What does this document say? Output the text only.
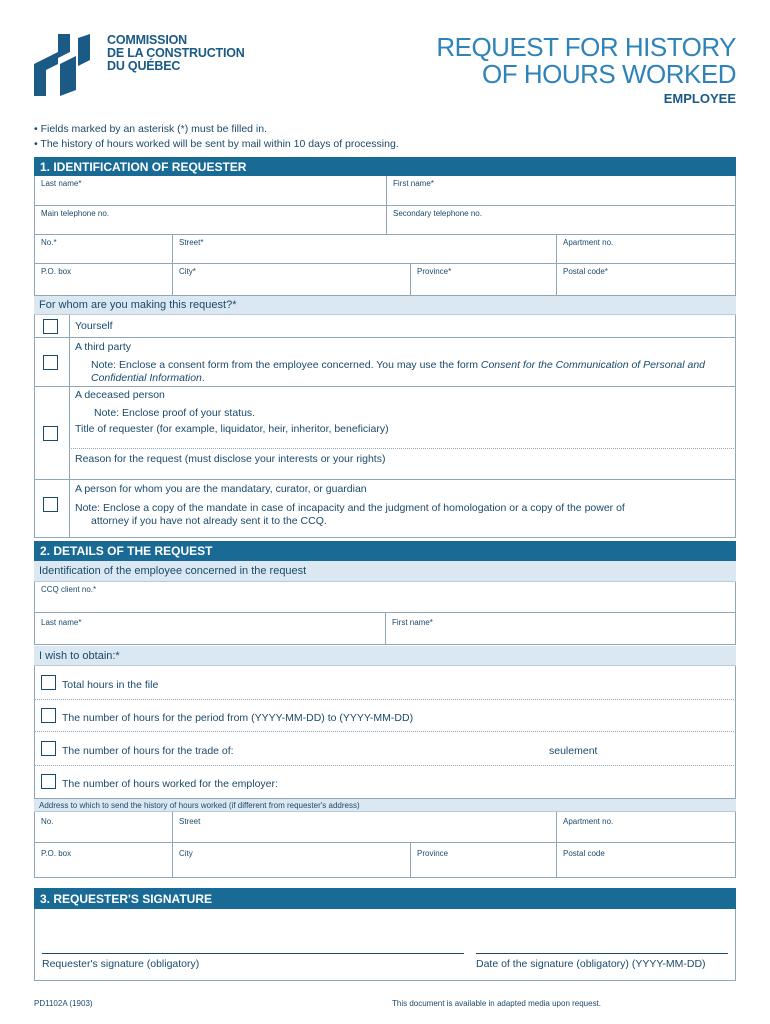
COMMISSION
DE LA CONSTRUCTION
DU QUÉBEC
REQUEST FOR HISTORY
OF HOURS WORKED
EMPLOYEE
• Fields marked by an asterisk (*) must be filled in.
• The history of hours worked will be sent by mail within 10 days of processing.
1. IDENTIFICATION OF REQUESTER
Last name*	First name*
Main telephone no.	Secondary telephone no.
No.*	Street*	Apartment no.
P.O. box	City*	Province*	Postal code*
For whom are you making this request?*
Yourself
A third party
Note: Enclose a consent form from the employee concerned. You may use the form Consent for the Communication of Personal and Confidential Information.
A deceased person
Note: Enclose proof of your status.
Title of requester (for example, liquidator, heir, inheritor, beneficiary)
Reason for the request (must disclose your interests or your rights)
A person for whom you are the mandatary, curator, or guardian
Note: Enclose a copy of the mandate in case of incapacity and the judgment of homologation or a copy of the power of
attorney if you have not already sent it to the CCQ.
2. DETAILS OF THE REQUEST
Identification of the employee concerned in the request
CCQ client no.*
Last name*	First name*
I wish to obtain:*
Total hours in the file
The number of hours for the period from (YYYY-MM-DD) to (YYYY-MM-DD)
The number of hours for the trade of:	seulement
The number of hours worked for the employer:
Address to which to send the history of hours worked (if different from requester's address)
No.	Street	Apartment no.
P.O. box	City	Province	Postal code
3. REQUESTER'S SIGNATURE
Requester's signature (obligatory)	Date of the signature (obligatory) (YYYY-MM-DD)
PD1102A (1903)	This document is available in adapted media upon request.
